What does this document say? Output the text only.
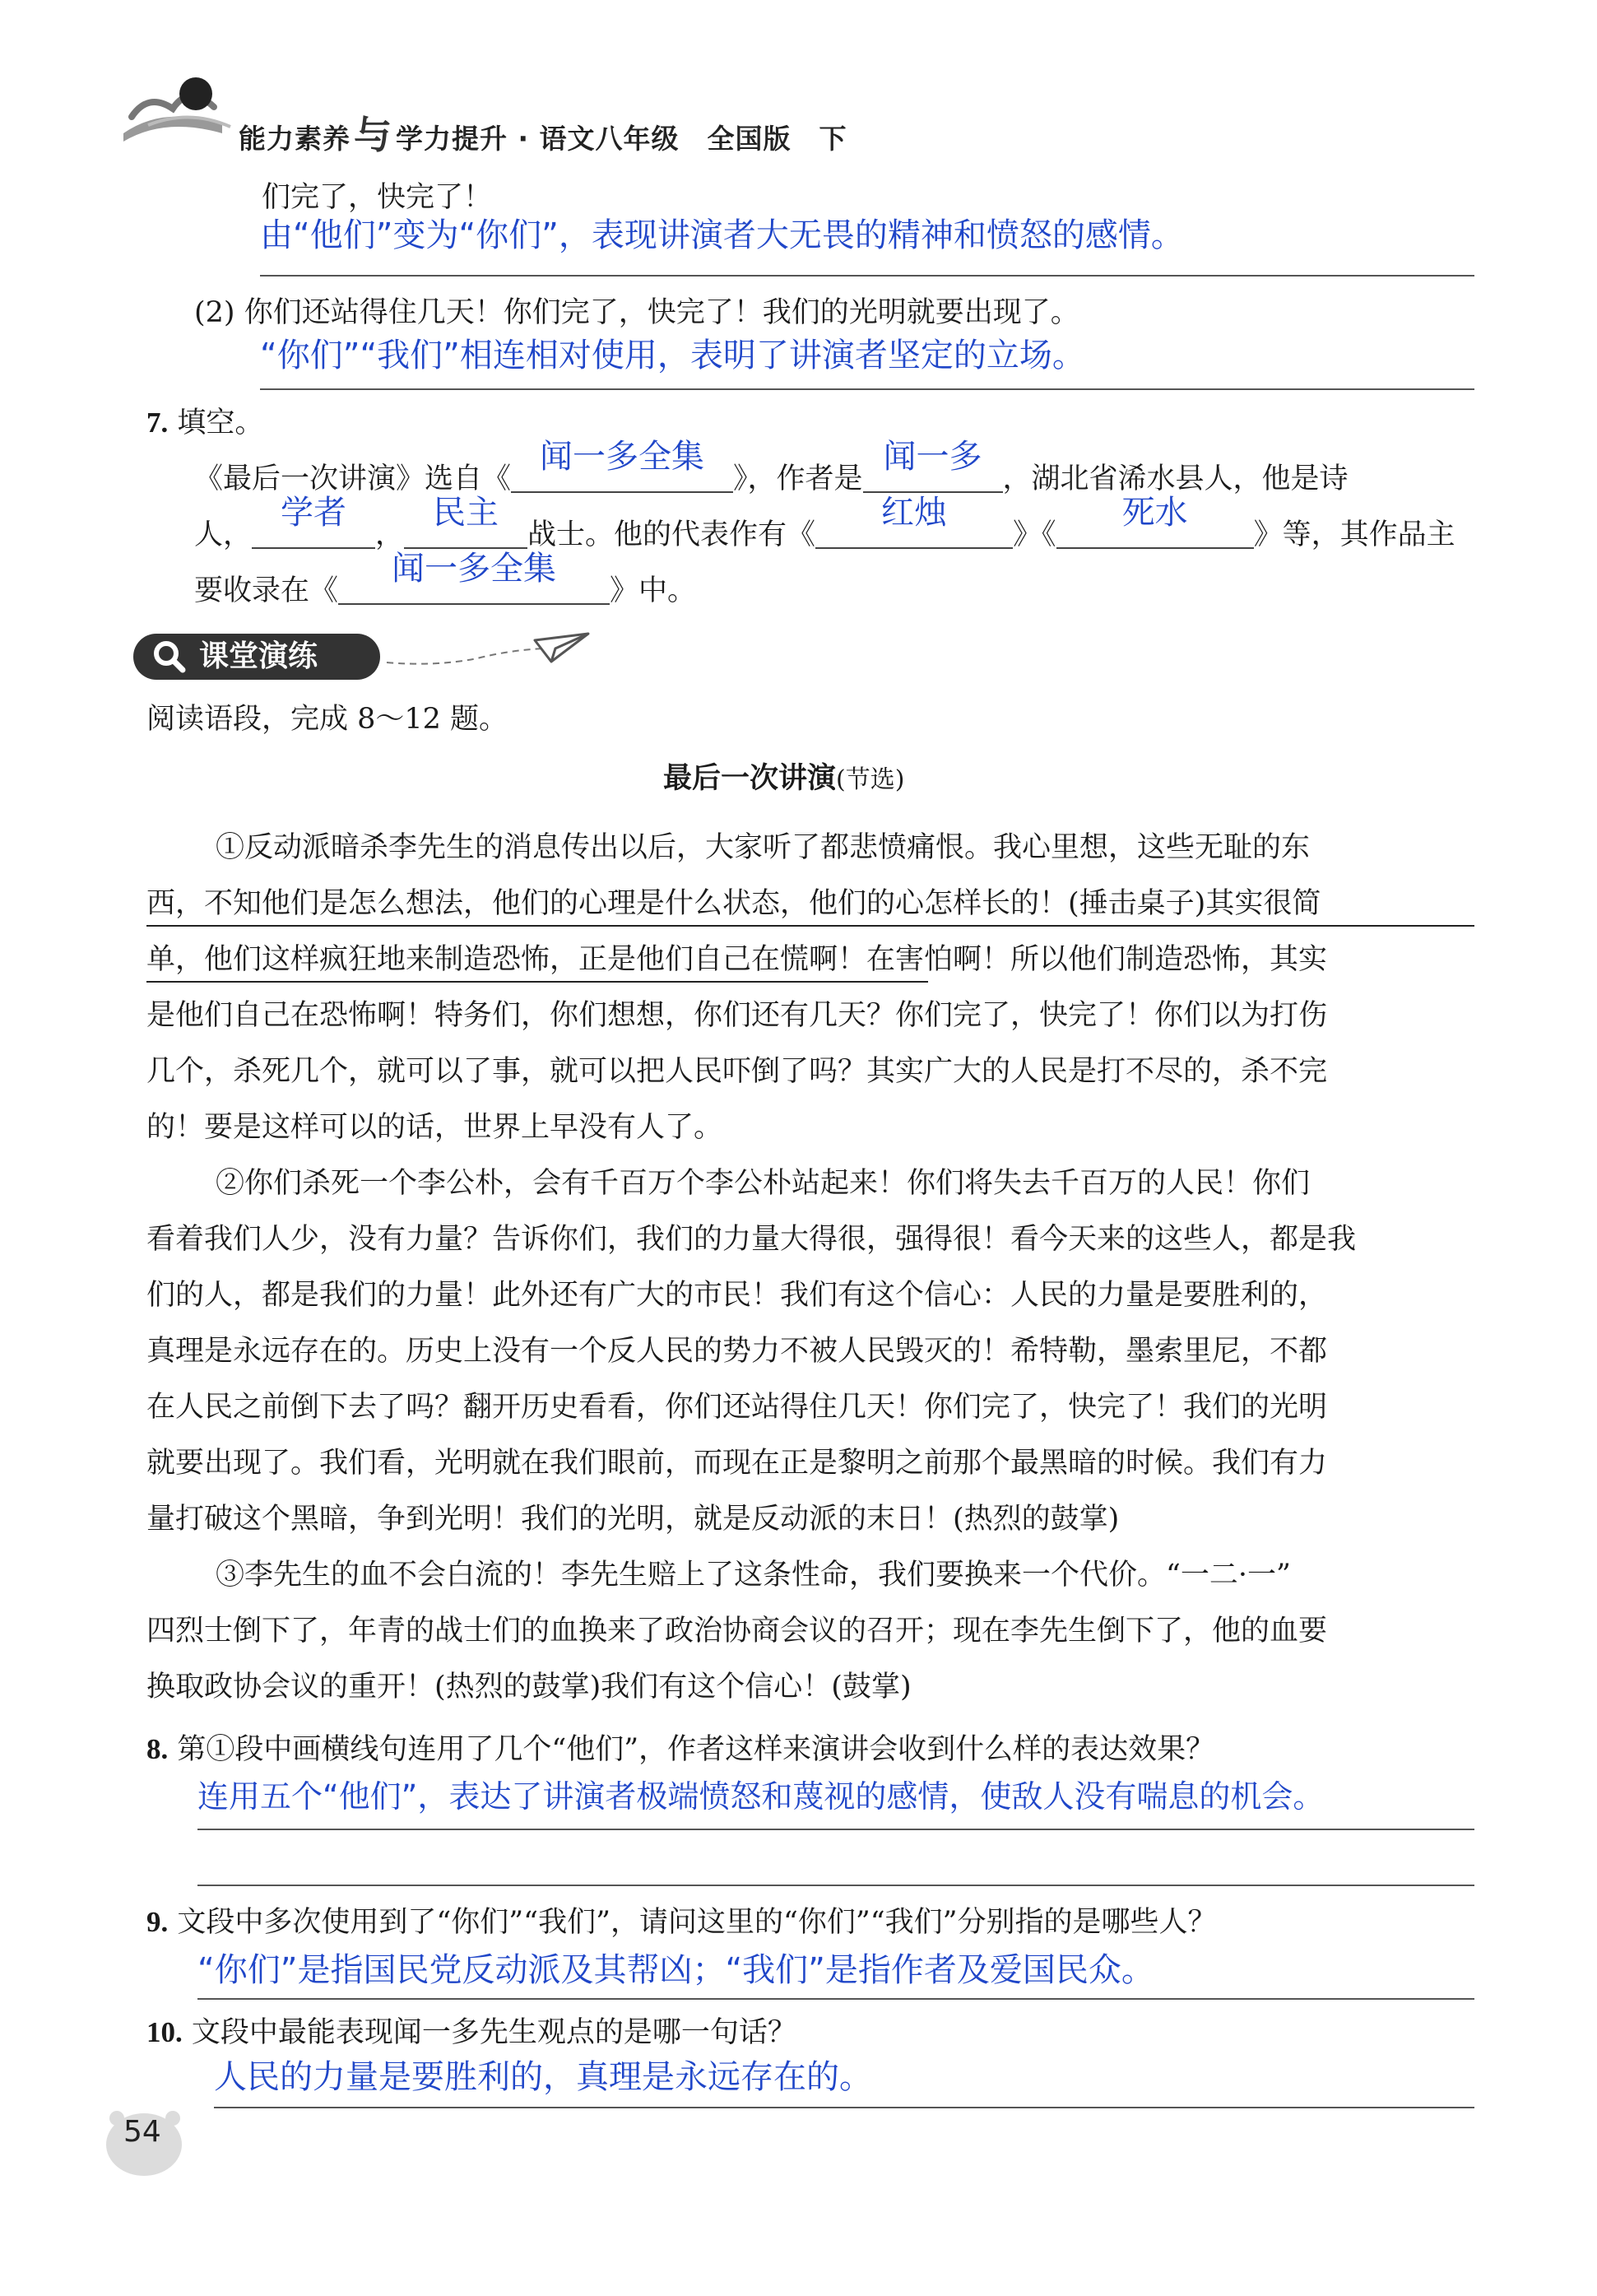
能力素养与 学力提升 · 语文八年级　全国版　下
们完了，快完了！
由“他们”变为“你们”，表现讲演者大无畏的精神和愤怒的感情。
(2) 你们还站得住几天！你们完了，快完了！我们的光明就要出现了。
“你们”“我们”相连相对使用，表明了讲演者坚定的立场。
7. 填空。
《最后一次讲演》选自《
闻一多全集
》，作者是
闻一多
，湖北省浠水县人，他是诗
人，
学者
，
民主
战士。他的代表作有《
红烛
》《
死水
》等，其作品主
要收录在《
闻一多全集
》中。
课堂演练
阅读语段，完成 8～12 题。
最后一次讲演(节选)
①反动派暗杀李先生的消息传出以后，大家听了都悲愤痛恨。我心里想，这些无耻的东
西，不知他们是怎么想法，他们的心理是什么状态，他们的心怎样长的！(捶击桌子)其实很简
单，他们这样疯狂地来制造恐怖，正是他们自己在慌啊！在害怕啊！所以他们制造恐怖，其实
是他们自己在恐怖啊！特务们，你们想想，你们还有几天？你们完了，快完了！你们以为打伤
几个，杀死几个，就可以了事，就可以把人民吓倒了吗？其实广大的人民是打不尽的，杀不完
的！要是这样可以的话，世界上早没有人了。
②你们杀死一个李公朴，会有千百万个李公朴站起来！你们将失去千百万的人民！你们
看着我们人少，没有力量？告诉你们，我们的力量大得很，强得很！看今天来的这些人，都是我
们的人，都是我们的力量！此外还有广大的市民！我们有这个信心：人民的力量是要胜利的，
真理是永远存在的。历史上没有一个反人民的势力不被人民毁灭的！希特勒，墨索里尼，不都
在人民之前倒下去了吗？翻开历史看看，你们还站得住几天！你们完了，快完了！我们的光明
就要出现了。我们看，光明就在我们眼前，而现在正是黎明之前那个最黑暗的时候。我们有力
量打破这个黑暗，争到光明！我们的光明，就是反动派的末日！(热烈的鼓掌)
③李先生的血不会白流的！李先生赔上了这条性命，我们要换来一个代价。“一二·一”
四烈士倒下了，年青的战士们的血换来了政治协商会议的召开；现在李先生倒下了，他的血要
换取政协会议的重开！(热烈的鼓掌)我们有这个信心！(鼓掌)
8. 第①段中画横线句连用了几个“他们”，作者这样来演讲会收到什么样的表达效果？
连用五个“他们”，表达了讲演者极端愤怒和蔑视的感情，使敌人没有喘息的机会。
9. 文段中多次使用到了“你们”“我们”，请问这里的“你们”“我们”分别指的是哪些人？
“你们”是指国民党反动派及其帮凶；“我们”是指作者及爱国民众。
10. 文段中最能表现闻一多先生观点的是哪一句话？
人民的力量是要胜利的，真理是永远存在的。
54
